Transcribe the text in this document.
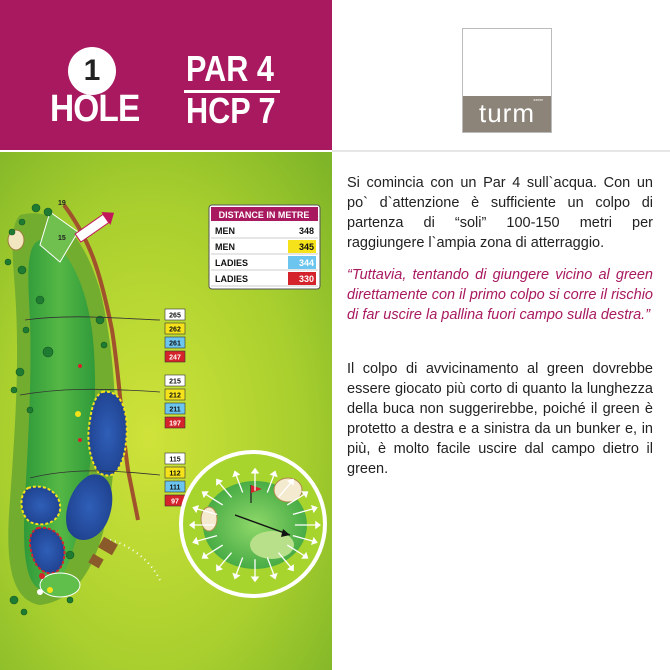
1
HOLE
PAR 4
HCP 7	*****
turm
19
15
DISTANCE IN METRE
MEN	348
MEN	345
LADIES	344
LADIES	330
265
262
261
247
215
212
211
197
115
112
111
97

Si comincia con un Par 4 sull`acqua. Con un po` d`attenzione è sufficiente un colpo di partenza di “soli” 100-150 metri per raggiungere l`ampia zona di atterraggio.

“Tuttavia, tentando di giungere vicino al green direttamente con il primo colpo si corre il rischio di far uscire la pallina fuori campo sulla destra.”

Il colpo di avvicinamento al green dovrebbe essere giocato più corto di quanto la lunghezza della buca non suggerirebbe, poiché il green è protetto a destra e a sinistra da un bunker e, in più, è molto facile uscire dal campo dietro il green.
